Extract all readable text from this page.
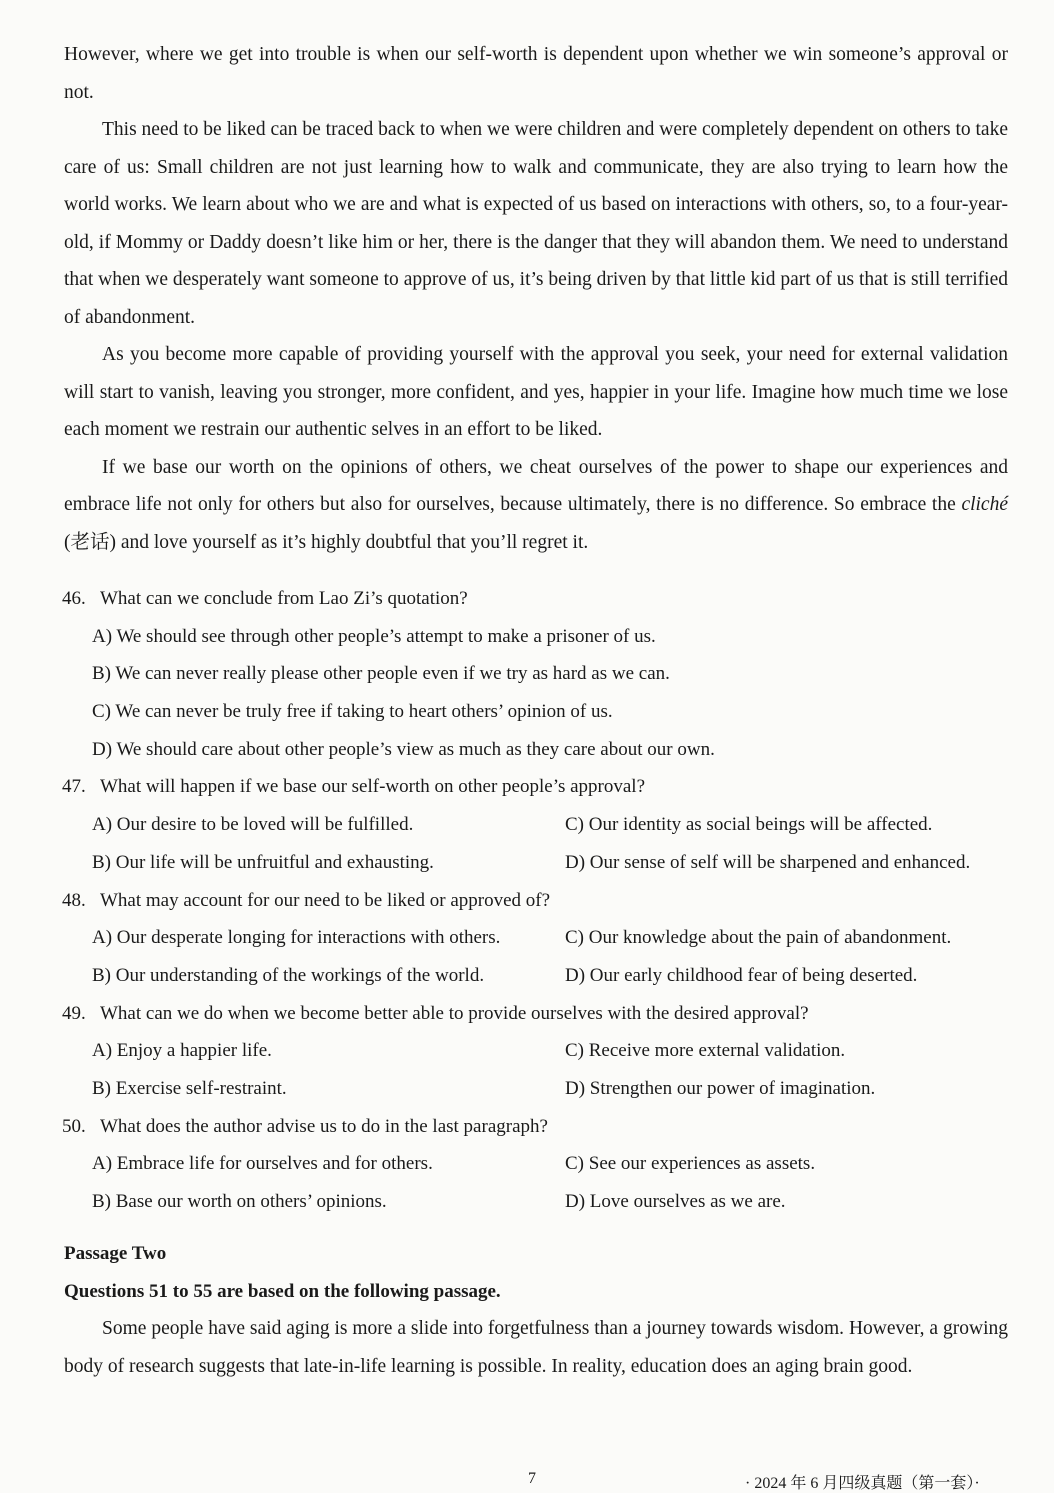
However, where we get into trouble is when our self-worth is dependent upon whether we win someone’s approval or not.

This need to be liked can be traced back to when we were children and were completely dependent on others to take care of us: Small children are not just learning how to walk and communicate, they are also trying to learn how the world works. We learn about who we are and what is expected of us based on interactions with others, so, to a four-year-old, if Mommy or Daddy doesn’t like him or her, there is the danger that they will abandon them. We need to understand that when we desperately want someone to approve of us, it’s being driven by that little kid part of us that is still terrified of abandonment.

As you become more capable of providing yourself with the approval you seek, your need for external validation will start to vanish, leaving you stronger, more confident, and yes, happier in your life. Imagine how much time we lose each moment we restrain our authentic selves in an effort to be liked.

If we base our worth on the opinions of others, we cheat ourselves of the power to shape our experiences and embrace life not only for others but also for ourselves, because ultimately, there is no difference. So embrace the cliché (老话) and love yourself as it’s highly doubtful that you’ll regret it.

46. What can we conclude from Lao Zi’s quotation?
A) We should see through other people’s attempt to make a prisoner of us.
B) We can never really please other people even if we try as hard as we can.
C) We can never be truly free if taking to heart others’ opinion of us.
D) We should care about other people’s view as much as they care about our own.
47. What will happen if we base our self-worth on other people’s approval?
A) Our desire to be loved will be fulfilled.	C) Our identity as social beings will be affected.
B) Our life will be unfruitful and exhausting.	D) Our sense of self will be sharpened and enhanced.
48. What may account for our need to be liked or approved of?
A) Our desperate longing for interactions with others.	C) Our knowledge about the pain of abandonment.
B) Our understanding of the workings of the world.	D) Our early childhood fear of being deserted.
49. What can we do when we become better able to provide ourselves with the desired approval?
A) Enjoy a happier life.	C) Receive more external validation.
B) Exercise self-restraint.	D) Strengthen our power of imagination.
50. What does the author advise us to do in the last paragraph?
A) Embrace life for ourselves and for others.	C) See our experiences as assets.
B) Base our worth on others’ opinions.	D) Love ourselves as we are.
Passage Two
Questions 51 to 55 are based on the following passage.

Some people have said aging is more a slide into forgetfulness than a journey towards wisdom. However, a growing body of research suggests that late-in-life learning is possible. In reality, education does an aging brain good.

7	· 2024 年 6 月四级真题（第一套）·
